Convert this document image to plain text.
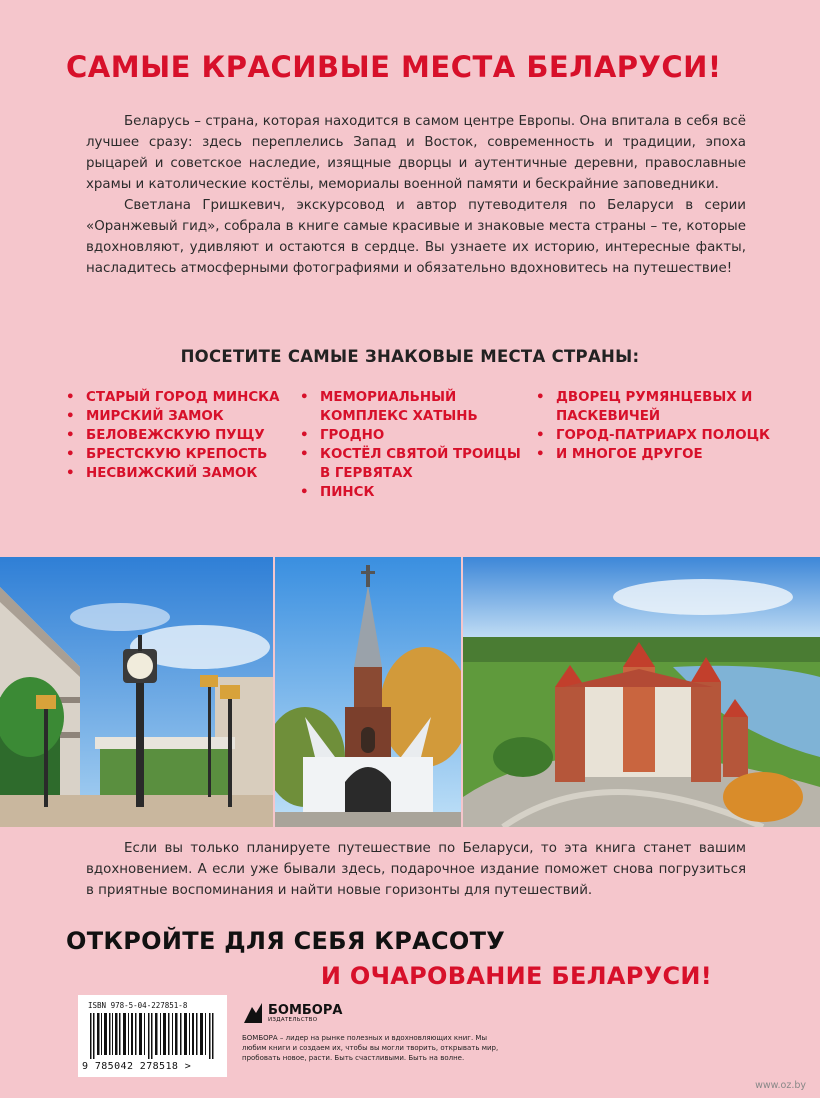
САМЫЕ КРАСИВЫЕ МЕСТА БЕЛАРУСИ!

Беларусь – страна, которая находится в самом центре Европы. Она впитала в себя всё лучшее сразу: здесь переплелись Запад и Восток, современность и традиции, эпоха рыцарей и советское наследие, изящные дворцы и аутентичные деревни, православные храмы и католические костёлы, мемориалы военной памяти и бескрайние заповедники.

Светлана Гришкевич, экскурсовод и автор путеводителя по Беларуси в серии «Оранжевый гид», собрала в книге самые красивые и знаковые места страны – те, которые вдохновляют, удивляют и остаются в сердце. Вы узнаете их историю, интересные факты, насладитесь атмосферными фотографиями и обязательно вдохновитесь на путешествие!

ПОСЕТИТЕ САМЫЕ ЗНАКОВЫЕ МЕСТА СТРАНЫ:
• СТАРЫЙ ГОРОД МИНСКА
• МИРСКИЙ ЗАМОК
• БЕЛОВЕЖСКУЮ ПУЩУ
• БРЕСТСКУЮ КРЕПОСТЬ
• НЕСВИЖСКИЙ ЗАМОК
• МЕМОРИАЛЬНЫЙ КОМПЛЕКС ХАТЫНЬ
• ГРОДНО
• КОСТЁЛ СВЯТОЙ ТРОИЦЫ В ГЕРВЯТАХ
• ПИНСК
• ДВОРЕЦ РУМЯНЦЕВЫХ И ПАСКЕВИЧЕЙ
• ГОРОД-ПАТРИАРХ ПОЛОЦК
• И МНОГОЕ ДРУГОЕ

Если вы только планируете путешествие по Беларуси, то эта книга станет вашим вдохновением. А если уже бывали здесь, подарочное издание поможет снова погрузиться в приятные воспоминания и найти новые горизонты для путешествий.

ОТКРОЙТЕ ДЛЯ СЕБЯ КРАСОТУ
И ОЧАРОВАНИЕ БЕЛАРУСИ!
ISBN 978-5-04-227851-8
9 785042 278518 >
БОМБОРА
ИЗДАТЕЛЬСТВО
БОМБОРА – лидер на рынке полезных и вдохновляющих книг. Мы любим книги и создаем их, чтобы вы могли творить, открывать мир, пробовать новое, расти. Быть счастливыми. Быть на волне.
www.oz.by
